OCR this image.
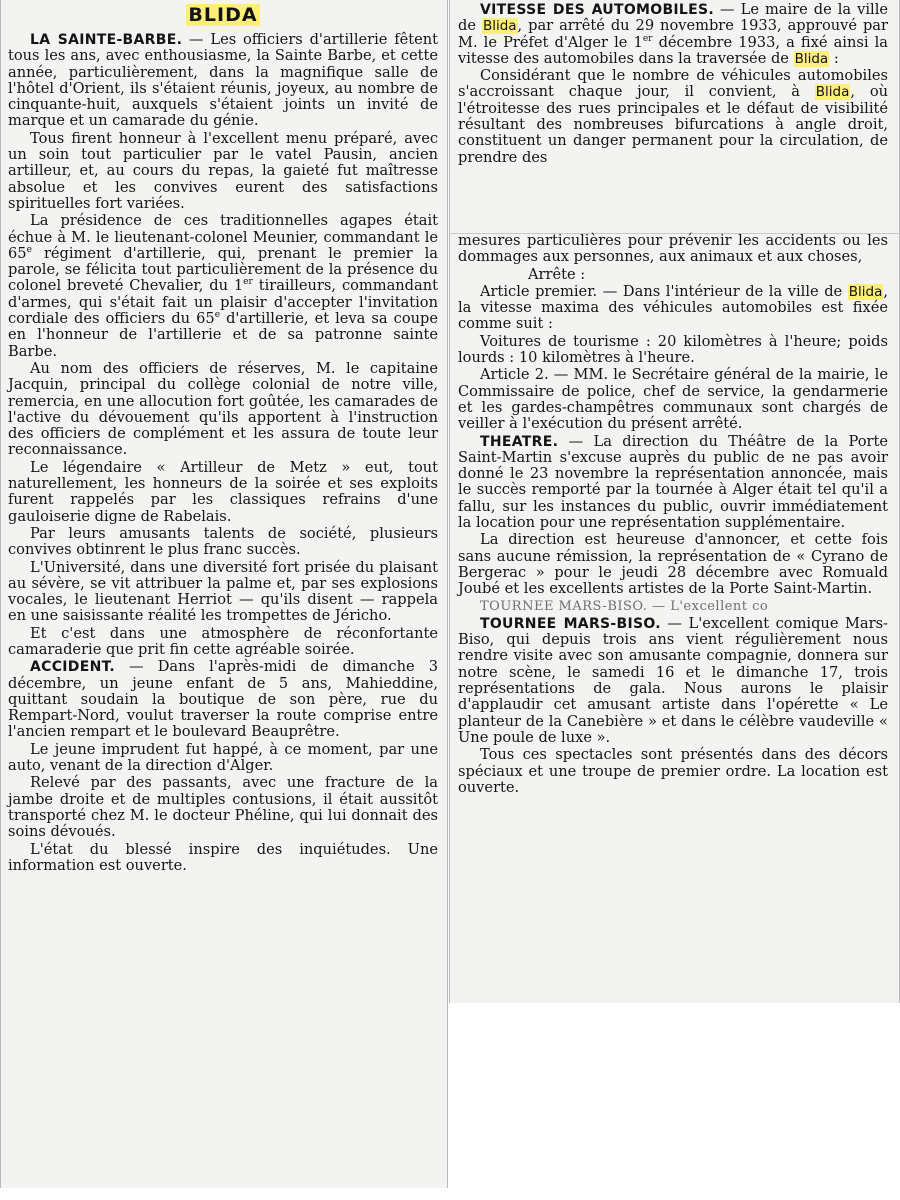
BLIDA

LA SAINTE-BARBE. — Les officiers d'artillerie fêtent tous les ans, avec enthousiasme, la Sainte Barbe, et cette année, particulièrement, dans la magnifique salle de l'hôtel d'Orient, ils s'étaient réunis, joyeux, au nombre de cinquante-huit, auxquels s'étaient joints un invité de marque et un camarade du génie.

Tous firent honneur à l'excellent menu préparé, avec un soin tout particulier par le vatel Pausin, ancien artilleur, et, au cours du repas, la gaieté fut maîtresse absolue et les convives eurent des satisfactions spirituelles fort variées.

La présidence de ces traditionnelles agapes était échue à M. le lieutenant-colonel Meunier, commandant le 65e régiment d'artillerie, qui, prenant le premier la parole, se félicita tout particulièrement de la présence du colonel breveté Chevalier, du 1er tirailleurs, commandant d'armes, qui s'était fait un plaisir d'accepter l'invitation cordiale des officiers du 65e d'artillerie, et leva sa coupe en l'honneur de l'artillerie et de sa patronne sainte Barbe.

Au nom des officiers de réserves, M. le capitaine Jacquin, principal du collège colonial de notre ville, remercia, en une allocution fort goûtée, les camarades de l'active du dévouement qu'ils apportent à l'instruction des officiers de complément et les assura de toute leur reconnaissance.

Le légendaire « Artilleur de Metz » eut, tout naturellement, les honneurs de la soirée et ses exploits furent rappelés par les classiques refrains d'une gauloiserie digne de Rabelais.

Par leurs amusants talents de société, plusieurs convives obtinrent le plus franc succès.

L'Université, dans une diversité fort prisée du plaisant au sévère, se vit attribuer la palme et, par ses explosions vocales, le lieutenant Herriot — qu'ils disent — rappela en une saisissante réalité les trompettes de Jéricho.

Et c'est dans une atmosphère de réconfortante camaraderie que prit fin cette agréable soirée.

ACCIDENT. — Dans l'après-midi de dimanche 3 décembre, un jeune enfant de 5 ans, Mahieddine, quittant soudain la boutique de son père, rue du Rempart-Nord, voulut traverser la route comprise entre l'ancien rempart et le boulevard Beauprêtre.

Le jeune imprudent fut happé, à ce moment, par une auto, venant de la direction d'Alger.

Relevé par des passants, avec une fracture de la jambe droite et de multiples contusions, il était aussitôt transporté chez M. le docteur Phéline, qui lui donnait des soins dévoués.

L'état du blessé inspire des inquiétudes. Une information est ouverte.

VITESSE DES AUTOMOBILES. — Le maire de la ville de Blida, par arrêté du 29 novembre 1933, approuvé par M. le Préfet d'Alger le 1er décembre 1933, a fixé ainsi la vitesse des automobiles dans la traversée de Blida :

Considérant que le nombre de véhicules automobiles s'accroissant chaque jour, il convient, à Blida, où l'étroitesse des rues principales et le défaut de visibilité résultant des nombreuses bifurcations à angle droit, constituent un danger permanent pour la circulation, de prendre des

mesures particulières pour prévenir les accidents ou les dommages aux personnes, aux animaux et aux choses,

Arrête :

Article premier. — Dans l'intérieur de la ville de Blida, la vitesse maxima des véhicules automobiles est fixée comme suit :

Voitures de tourisme : 20 kilomètres à l'heure; poids lourds : 10 kilomètres à l'heure.

Article 2. — MM. le Secrétaire général de la mairie, le Commissaire de police, chef de service, la gendarmerie et les gardes-champêtres communaux sont chargés de veiller à l'exécution du présent arrêté.

THEATRE. — La direction du Théâtre de la Porte Saint-Martin s'excuse auprès du public de ne pas avoir donné le 23 novembre la représentation annoncée, mais le succès remporté par la tournée à Alger était tel qu'il a fallu, sur les instances du public, ouvrir immédiatement la location pour une représentation supplémentaire.

La direction est heureuse d'annoncer, et cette fois sans aucune rémission, la représentation de « Cyrano de Bergerac » pour le jeudi 28 décembre avec Romuald Joubé et les excellents artistes de la Porte Saint-Martin.

TOURNEE MARS-BISO. — L'excellent co

TOURNEE MARS-BISO. — L'excellent comique Mars-Biso, qui depuis trois ans vient régulièrement nous rendre visite avec son amusante compagnie, donnera sur notre scène, le samedi 16 et le dimanche 17, trois représentations de gala. Nous aurons le plaisir d'applaudir cet amusant artiste dans l'opérette « Le planteur de la Canebière » et dans le célèbre vaudeville « Une poule de luxe ».

Tous ces spectacles sont présentés dans des décors spéciaux et une troupe de premier ordre. La location est ouverte.
